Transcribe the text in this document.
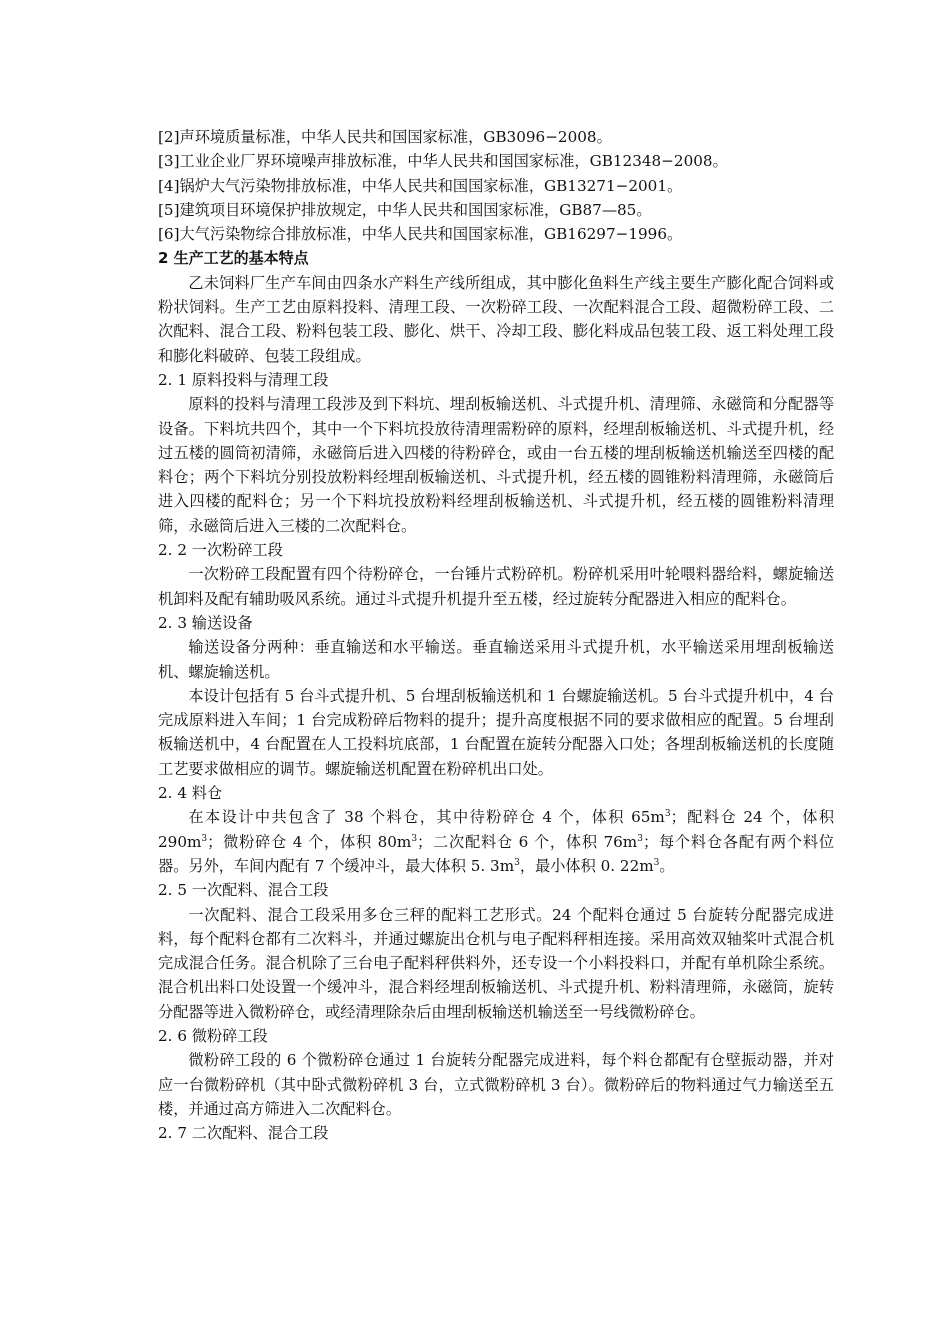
[2]声环境质量标准，中华人民共和国国家标准，GB3096−2008。

[3]工业企业厂界环境噪声排放标准，中华人民共和国国家标准，GB12348−2008。

[4]锅炉大气污染物排放标准，中华人民共和国国家标准，GB13271−2001。

[5]建筑项目环境保护排放规定，中华人民共和国国家标准，GB87—85。

[6]大气污染物综合排放标准，中华人民共和国国家标准，GB16297−1996。

2 生产工艺的基本特点

乙未饲料厂生产车间由四条水产料生产线所组成，其中膨化鱼料生产线主要生产膨化配合饲料或粉状饲料。生产工艺由原料投料、清理工段、一次粉碎工段、一次配料混合工段、超微粉碎工段、二次配料、混合工段、粉料包装工段、膨化、烘干、冷却工段、膨化料成品包装工段、返工料处理工段和膨化料破碎、包装工段组成。

2. 1 原料投料与清理工段

原料的投料与清理工段涉及到下料坑、埋刮板输送机、斗式提升机、清理筛、永磁筒和分配器等设备。下料坑共四个，其中一个下料坑投放待清理需粉碎的原料，经埋刮板输送机、斗式提升机，经过五楼的圆筒初清筛，永磁筒后进入四楼的待粉碎仓，或由一台五楼的埋刮板输送机输送至四楼的配料仓；两个下料坑分别投放粉料经埋刮板输送机、斗式提升机，经五楼的圆锥粉料清理筛，永磁筒后进入四楼的配料仓；另一个下料坑投放粉料经埋刮板输送机、斗式提升机，经五楼的圆锥粉料清理筛，永磁筒后进入三楼的二次配料仓。

2. 2 一次粉碎工段

一次粉碎工段配置有四个待粉碎仓，一台锤片式粉碎机。粉碎机采用叶轮喂料器给料，螺旋输送机卸料及配有辅助吸风系统。通过斗式提升机提升至五楼，经过旋转分配器进入相应的配料仓。

2. 3 输送设备

输送设备分两种：垂直输送和水平输送。垂直输送采用斗式提升机，水平输送采用埋刮板输送机、螺旋输送机。

本设计包括有 5 台斗式提升机、5 台埋刮板输送机和 1 台螺旋输送机。5 台斗式提升机中，4 台完成原料进入车间；1 台完成粉碎后物料的提升；提升高度根据不同的要求做相应的配置。5 台埋刮板输送机中，4 台配置在人工投料坑底部，1 台配置在旋转分配器入口处；各埋刮板输送机的长度随工艺要求做相应的调节。螺旋输送机配置在粉碎机出口处。

2. 4 料仓

在本设计中共包含了 38 个料仓，其中待粉碎仓 4 个，体积 $65m^3$；配料仓 24 个，体积 $290m^3$；微粉碎仓 4 个，体积 $80m^3$；二次配料仓 6 个，体积 $76m^3$；每个料仓各配有两个料位器。另外，车间内配有 7 个缓冲斗，最大体积 5. $3m^3$，最小体积 0. $22m^3$。

2. 5 一次配料、混合工段

一次配料、混合工段采用多仓三秤的配料工艺形式。24 个配料仓通过 5 台旋转分配器完成进料，每个配料仓都有二次料斗，并通过螺旋出仓机与电子配料秤相连接。采用高效双轴桨叶式混合机完成混合任务。混合机除了三台电子配料秤供料外，还专设一个小料投料口，并配有单机除尘系统。混合机出料口处设置一个缓冲斗，混合料经埋刮板输送机、斗式提升机、粉料清理筛，永磁筒，旋转分配器等进入微粉碎仓，或经清理除杂后由埋刮板输送机输送至一号线微粉碎仓。

2. 6 微粉碎工段

微粉碎工段的 6 个微粉碎仓通过 1 台旋转分配器完成进料，每个料仓都配有仓壁振动器，并对应一台微粉碎机（其中卧式微粉碎机 3 台，立式微粉碎机 3 台）。微粉碎后的物料通过气力输送至五楼，并通过高方筛进入二次配料仓。

2. 7 二次配料、混合工段
